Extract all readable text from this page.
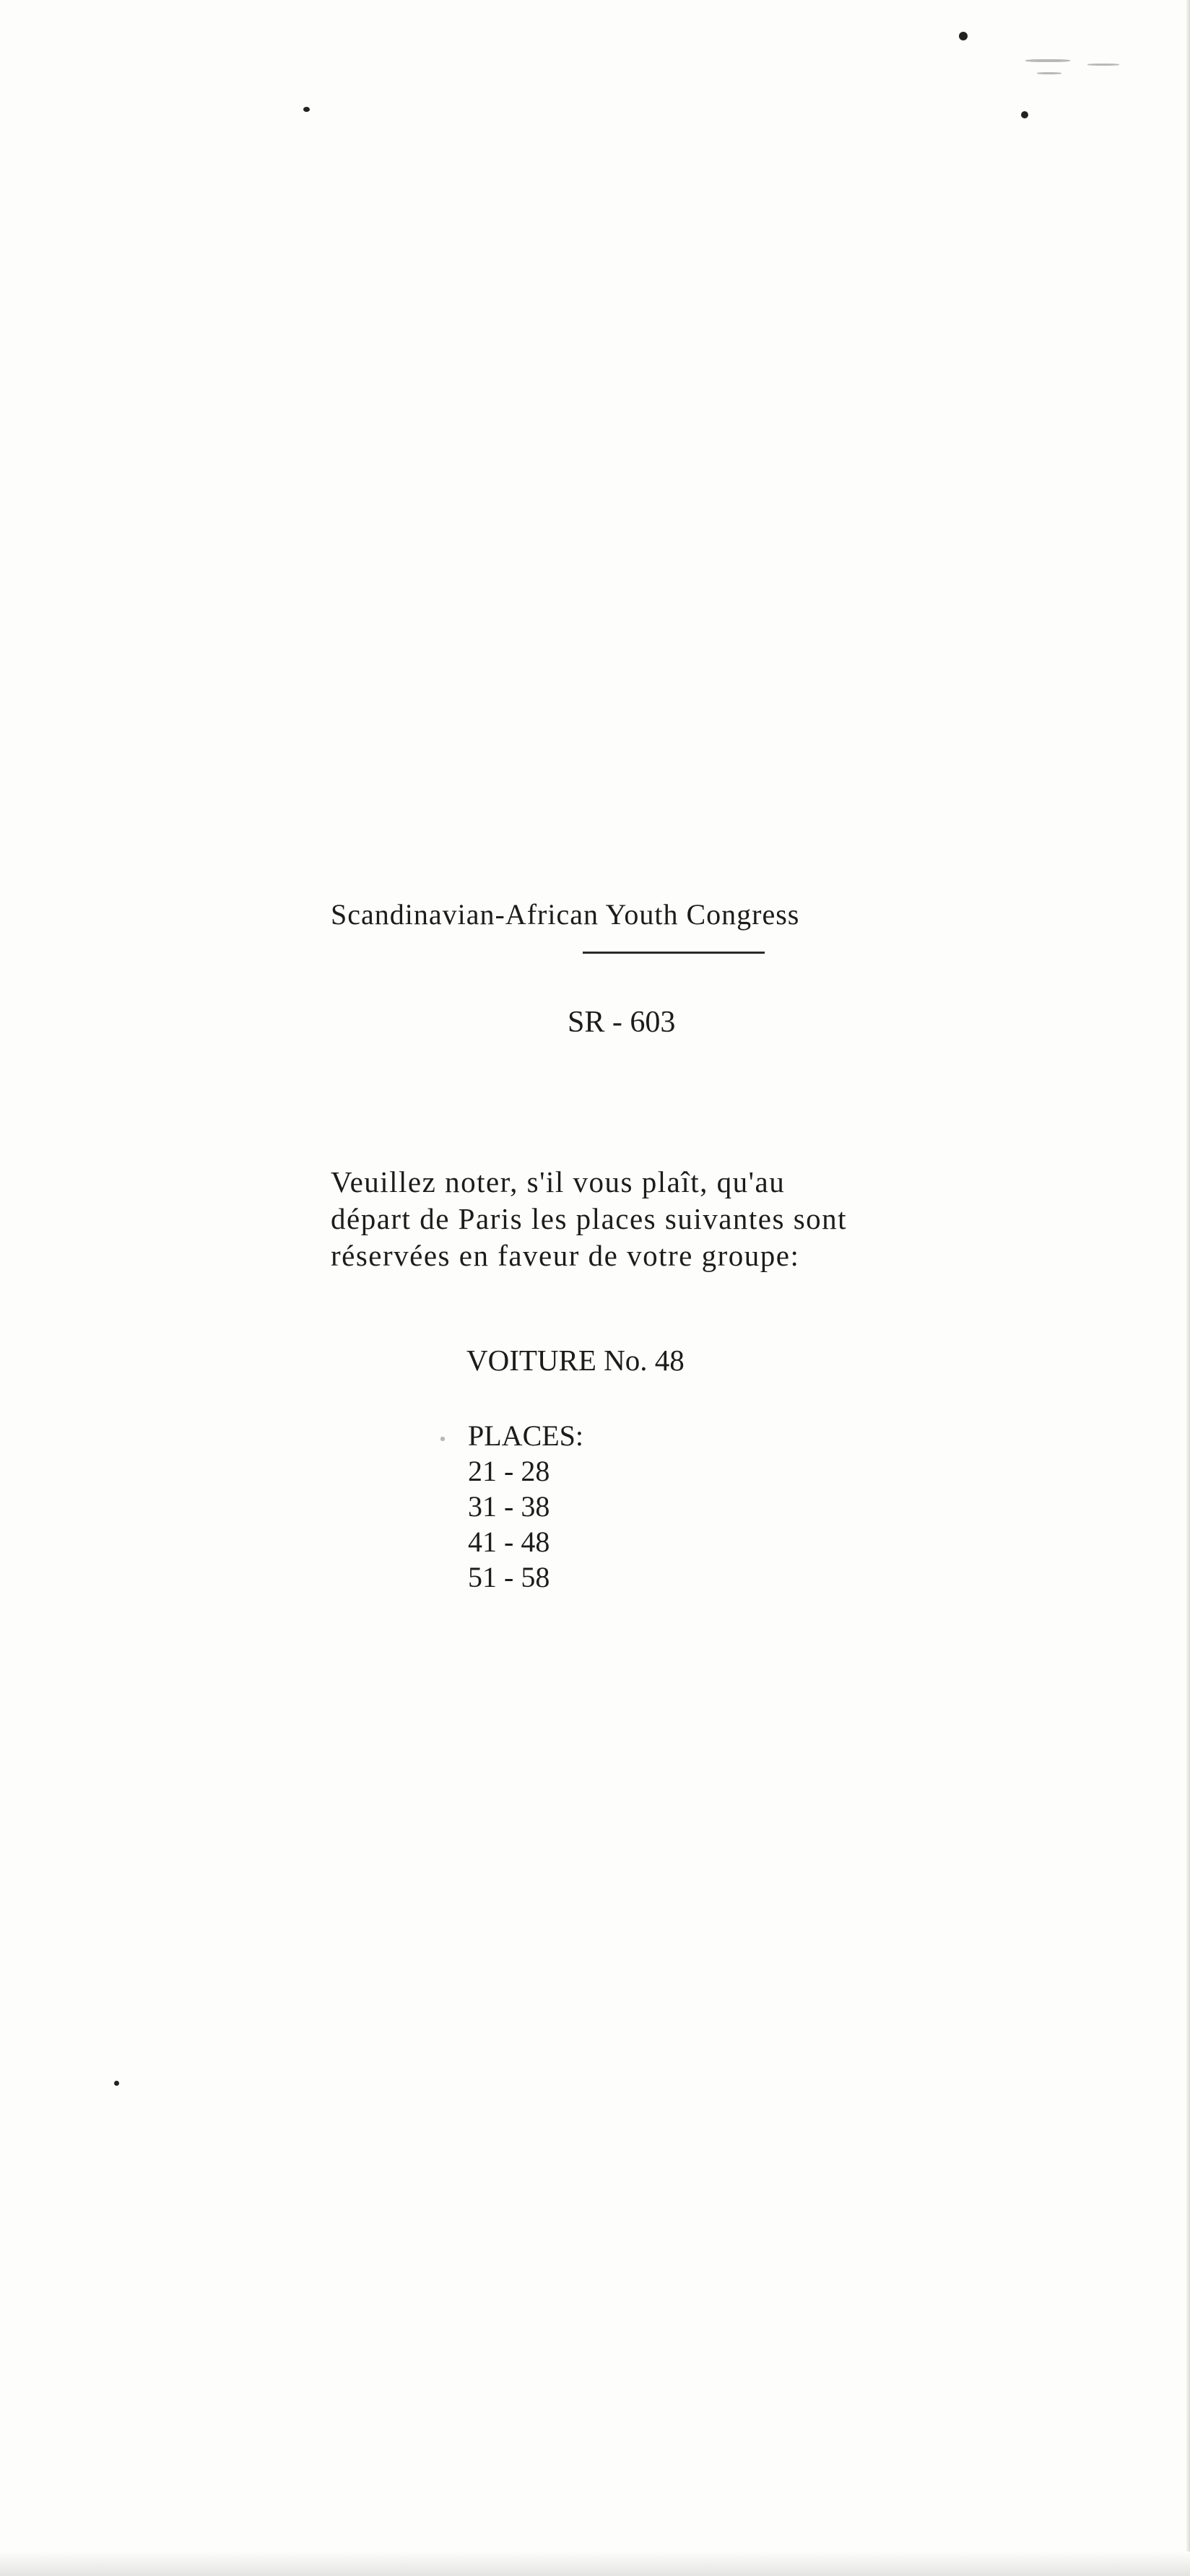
Scandinavian-African Youth Congress
SR - 603
Veuillez noter, s'il vous plaît, qu'au
départ de Paris les places suivantes sont
réservées en faveur de votre groupe:
VOITURE No. 48
PLACES:
21 - 28
31 - 38
41 - 48
51 - 58
